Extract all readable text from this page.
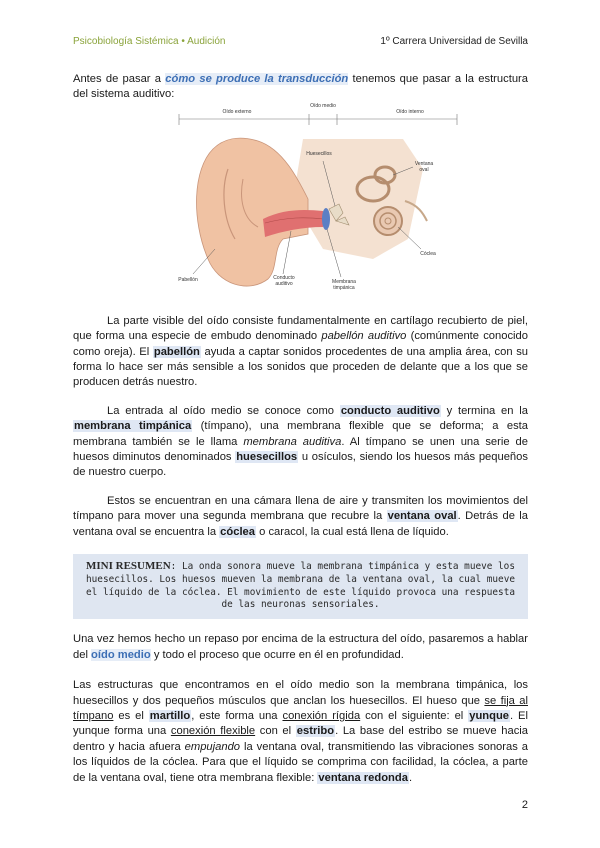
Psicobiología Sistémica • Audición	1º Carrera Universidad de Sevilla

Antes de pasar a cómo se produce la transducción tenemos que pasar a la estructura del sistema auditivo:

Oído externo
Oído medio
Oído interno
Huesecillos
Ventana oval
Cóclea
Pabellón	Conducto auditivo	Membrana timpánica

La parte visible del oído consiste fundamentalmente en cartílago recubierto de piel, que forma una especie de embudo denominado pabellón auditivo (comúnmente conocido como oreja). El pabellón ayuda a captar sonidos procedentes de una amplia área, con su forma lo hace ser más sensible a los sonidos que proceden de delante que a los que se producen detrás nuestro.

La entrada al oído medio se conoce como conducto auditivo y termina en la membrana timpánica (tímpano), una membrana flexible que se deforma; a esta membrana también se le llama membrana auditiva. Al tímpano se unen una serie de huesos diminutos denominados huesecillos u osículos, siendo los huesos más pequeños de nuestro cuerpo.

Estos se encuentran en una cámara llena de aire y transmiten los movimientos del tímpano para mover una segunda membrana que recubre la ventana oval. Detrás de la ventana oval se encuentra la cóclea o caracol, la cual está llena de líquido.

MINI RESUMEN: La onda sonora mueve la membrana timpánica y esta mueve los huesecillos. Los huesos mueven la membrana de la ventana oval, la cual mueve el líquido de la cóclea. El movimiento de este líquido provoca una respuesta de las neuronas sensoriales.

Una vez hemos hecho un repaso por encima de la estructura del oído, pasaremos a hablar del oído medio y todo el proceso que ocurre en él en profundidad.

Las estructuras que encontramos en el oído medio son la membrana timpánica, los huesecillos y dos pequeños músculos que anclan los huesecillos. El hueso que se fija al tímpano es el martillo, este forma una conexión rígida con el siguiente: el yunque. El yunque forma una conexión flexible con el estribo. La base del estribo se mueve hacia dentro y hacia afuera empujando la ventana oval, transmitiendo las vibraciones sonoras a los líquidos de la cóclea. Para que el líquido se comprima con facilidad, la cóclea, a parte de la ventana oval, tiene otra membrana flexible: ventana redonda.

2
